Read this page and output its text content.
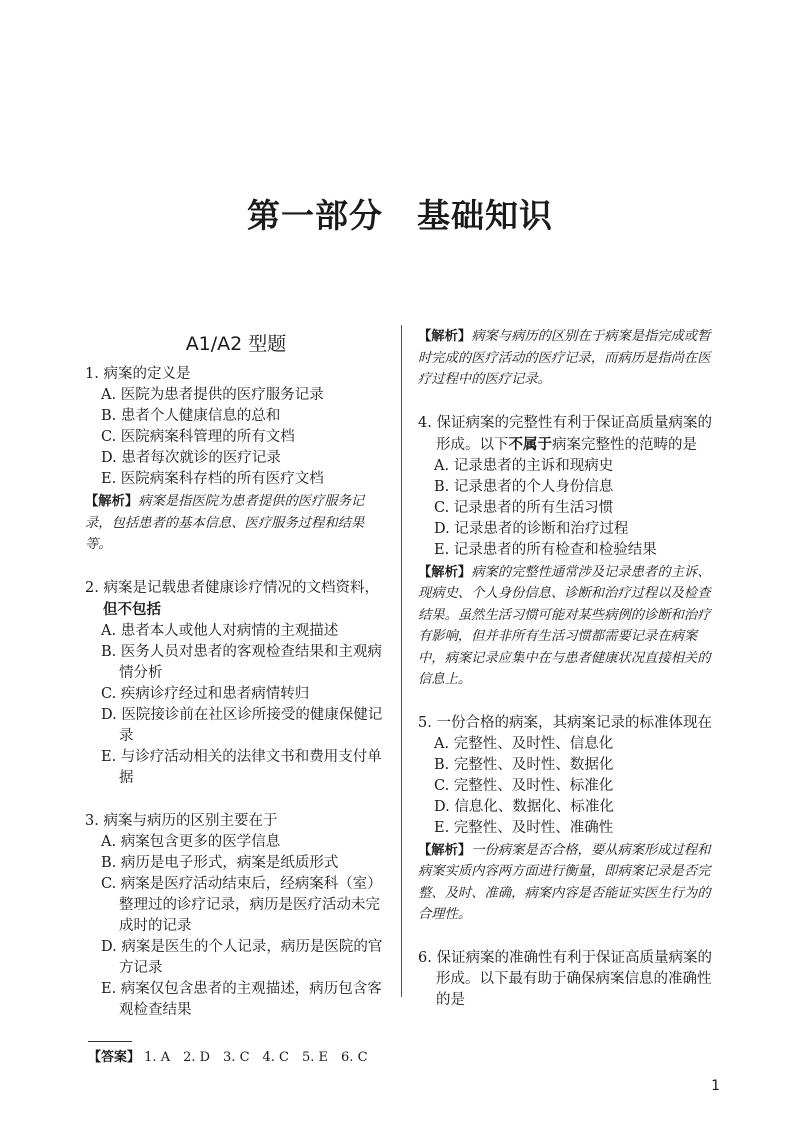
第一部分　基础知识
A1/A2 型题
1. 病案的定义是
A. 医院为患者提供的医疗服务记录
B. 患者个人健康信息的总和
C. 医院病案科管理的所有文档
D. 患者每次就诊的医疗记录
E. 医院病案科存档的所有医疗文档
【解析】病案是指医院为患者提供的医疗服务记录，包括患者的基本信息、医疗服务过程和结果等。
2. 病案是记载患者健康诊疗情况的文档资料，
但不包括
A. 患者本人或他人对病情的主观描述
B. 医务人员对患者的客观检查结果和主观病情分析
C. 疾病诊疗经过和患者病情转归
D. 医院接诊前在社区诊所接受的健康保健记录
E. 与诊疗活动相关的法律文书和费用支付单据
3. 病案与病历的区别主要在于
A. 病案包含更多的医学信息
B. 病历是电子形式，病案是纸质形式
C. 病案是医疗活动结束后，经病案科（室）整理过的诊疗记录，病历是医疗活动未完成时的记录
D. 病案是医生的个人记录，病历是医院的官方记录
E. 病案仅包含患者的主观描述，病历包含客观检查结果
【解析】病案与病历的区别在于病案是指完成或暂时完成的医疗活动的医疗记录，而病历是指尚在医疗过程中的医疗记录。
4. 保证病案的完整性有利于保证高质量病案的形成。以下不属于病案完整性的范畴的是
A. 记录患者的主诉和现病史
B. 记录患者的个人身份信息
C. 记录患者的所有生活习惯
D. 记录患者的诊断和治疗过程
E. 记录患者的所有检查和检验结果
【解析】病案的完整性通常涉及记录患者的主诉、现病史、个人身份信息、诊断和治疗过程以及检查结果。虽然生活习惯可能对某些病例的诊断和治疗有影响，但并非所有生活习惯都需要记录在病案中，病案记录应集中在与患者健康状况直接相关的信息上。
5. 一份合格的病案，其病案记录的标准体现在
A. 完整性、及时性、信息化
B. 完整性、及时性、数据化
C. 完整性、及时性、标准化
D. 信息化、数据化、标准化
E. 完整性、及时性、准确性
【解析】一份病案是否合格，要从病案形成过程和病案实质内容两方面进行衡量，即病案记录是否完整、及时、准确，病案内容是否能证实医生行为的合理性。
6. 保证病案的准确性有利于保证高质量病案的形成。以下最有助于确保病案信息的准确性的是
【答案】 1. A　2. D　3. C　4. C　5. E　6. C
1
